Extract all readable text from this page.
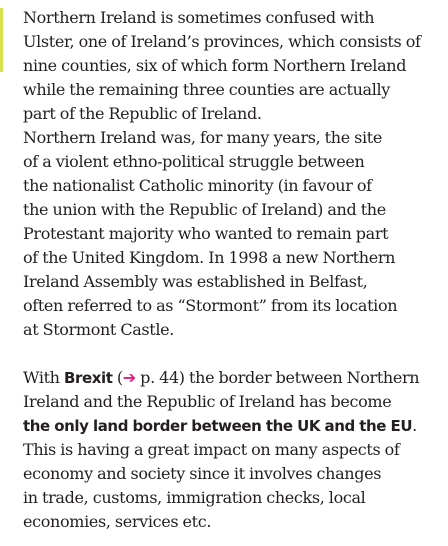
Northern Ireland is sometimes confused with
Ulster, one of Ireland’s provinces, which consists of
nine counties, six of which form Northern Ireland
while the remaining three counties are actually
part of the Republic of Ireland.

Northern Ireland was, for many years, the site
of a violent ethno-political struggle between
the nationalist Catholic minority (in favour of
the union with the Republic of Ireland) and the
Protestant majority who wanted to remain part
of the United Kingdom. In 1998 a new Northern
Ireland Assembly was established in Belfast,
often referred to as “Stormont” from its location
at Stormont Castle.

With Brexit (➔ p. 44) the border between Northern
Ireland and the Republic of Ireland has become
the only land border between the UK and the EU.
This is having a great impact on many aspects of
economy and society since it involves changes
in trade, customs, immigration checks, local
economies, services etc.
